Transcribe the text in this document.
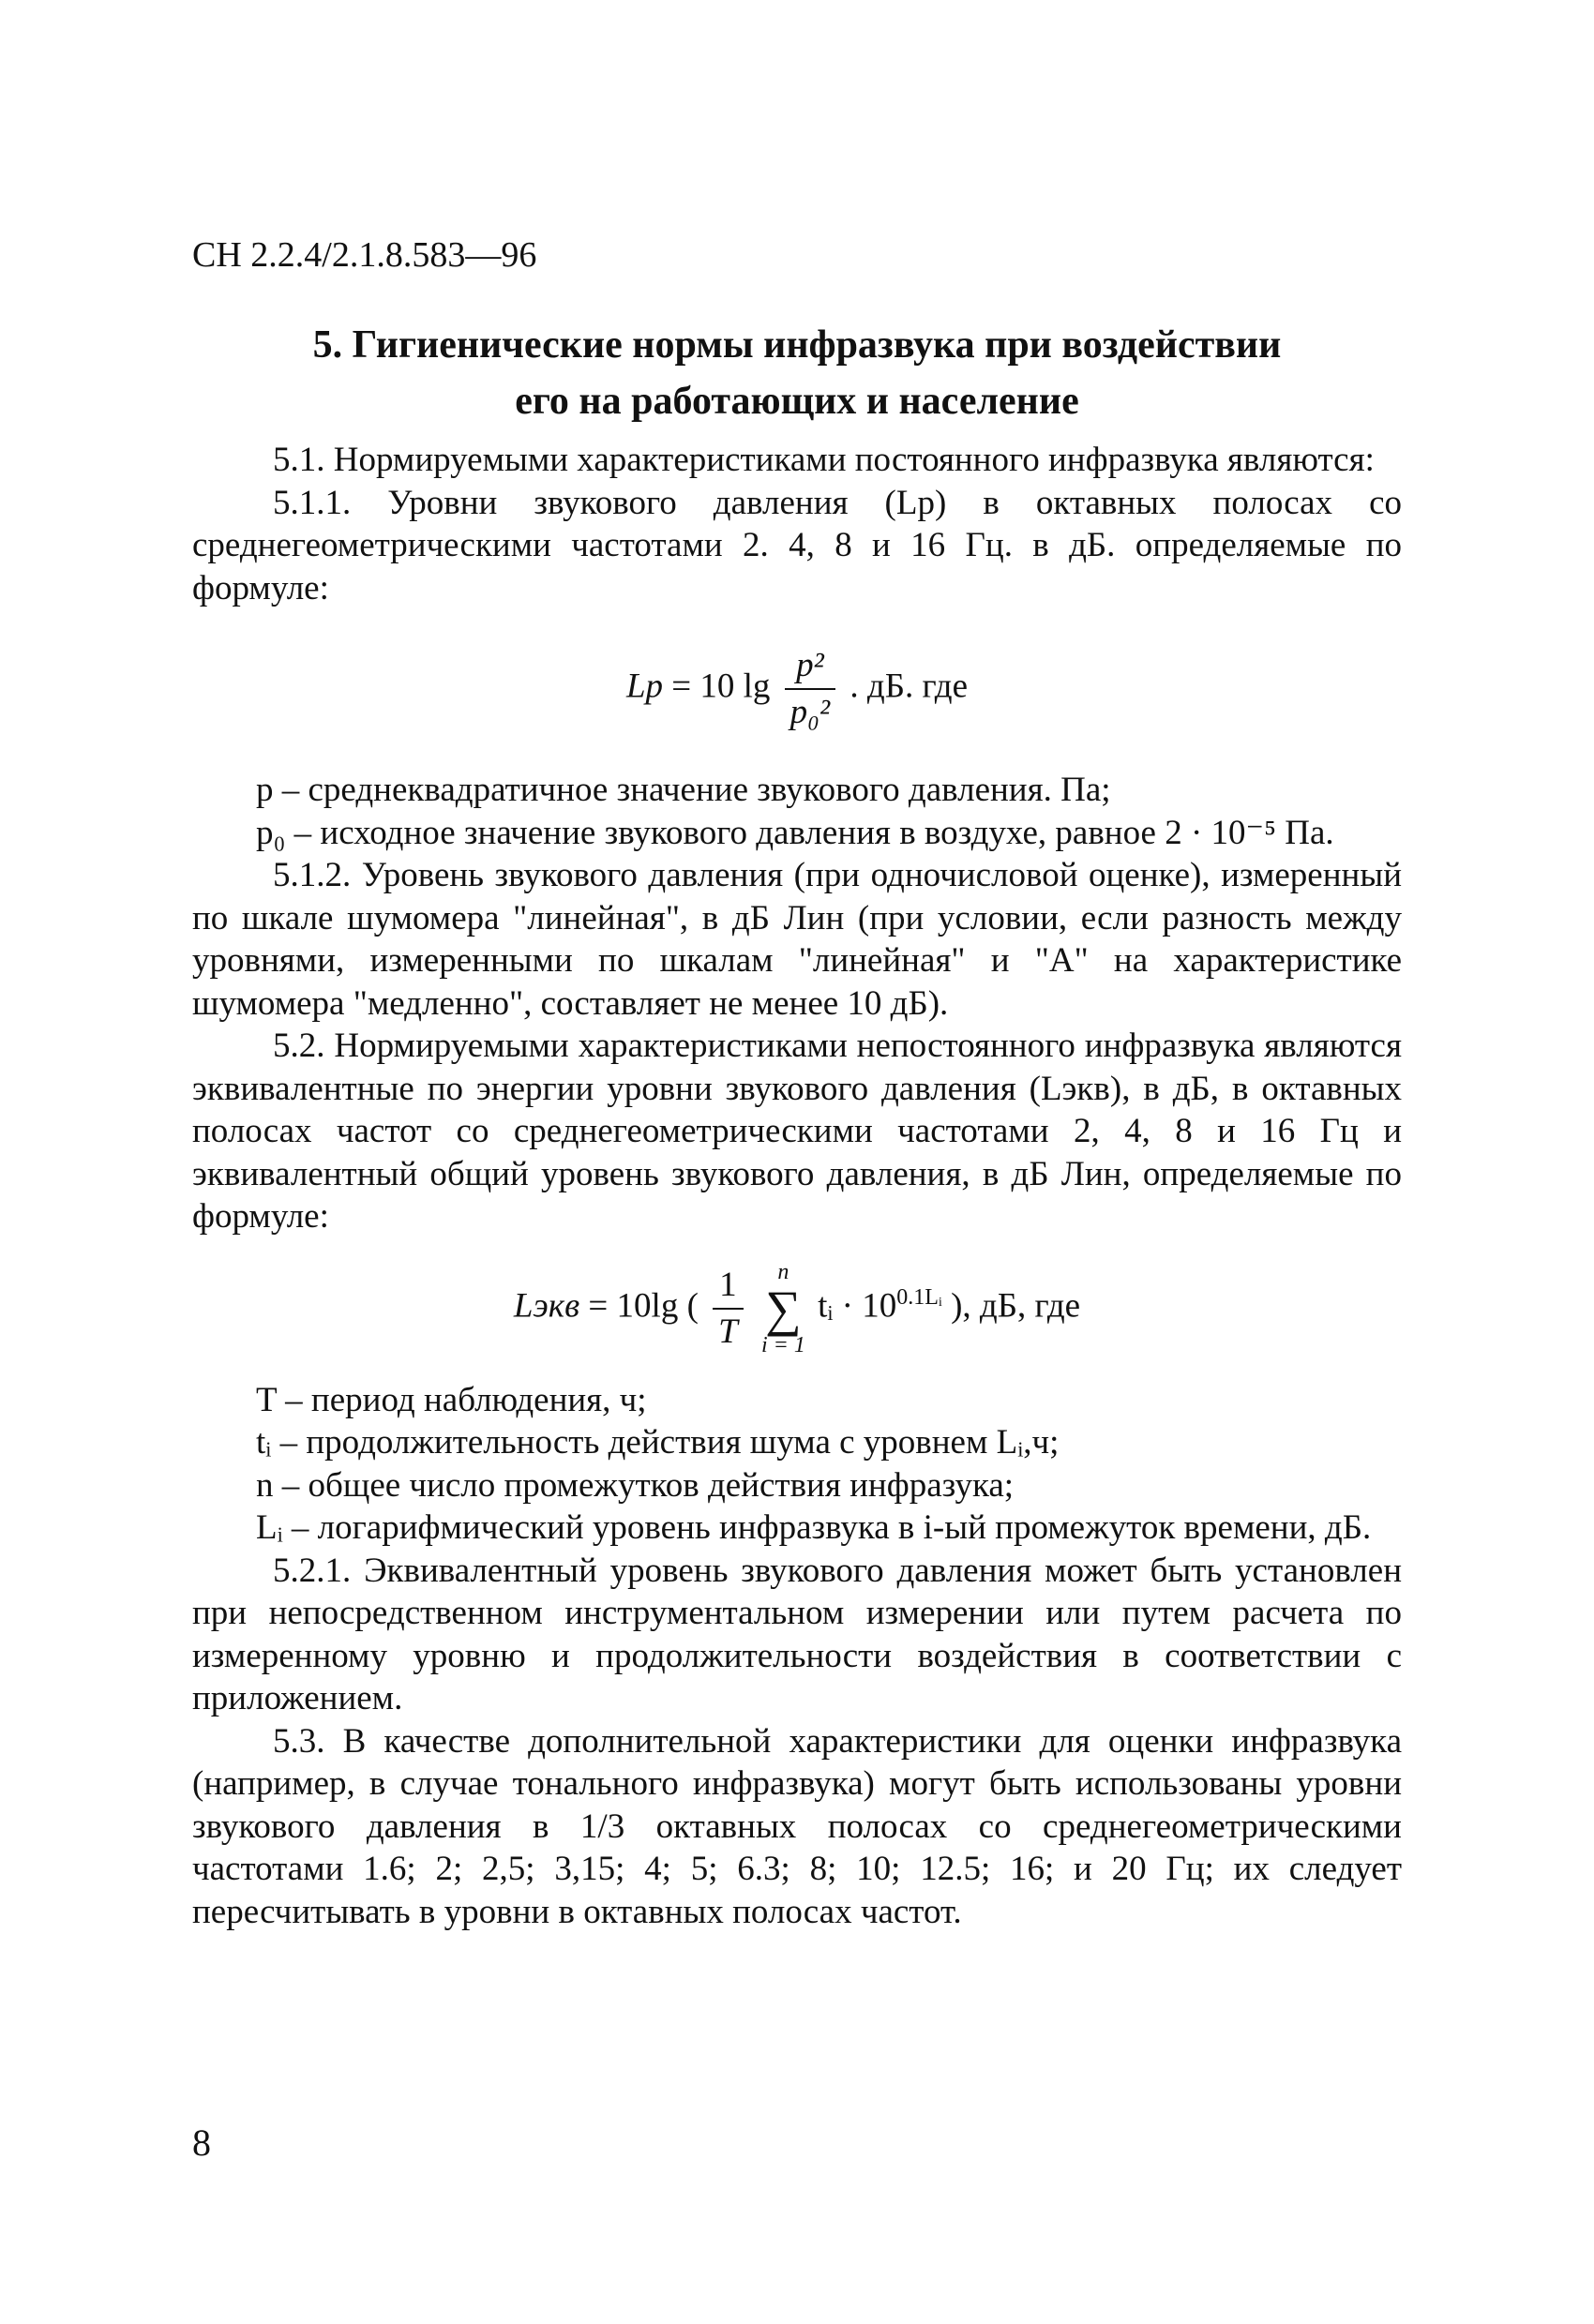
СН 2.2.4/2.1.8.583—96
5. Гигиенические нормы инфразвука при воздействии
его на работающих и население

5.1. Нормируемыми характеристиками постоянного инфразвука являются:

5.1.1. Уровни звукового давления (Lp) в октавных полосах со среднегеометрическими частотами 2. 4, 8 и 16 Гц. в дБ. определяемые по формуле:

Lp = 10 $\lg \frac{\text{p²}}{\text{p₀²}}$ . дБ. где

p – среднеквадратичное значение звукового давления. Па;

p₀ – исходное значение звукового давления в воздухе, равное 2 · 10⁻⁵ Па.

5.1.2. Уровень звукового давления (при одночисловой оценке), измеренный по шкале шумомера "линейная", в дБ Лин (при условии, если разность между уровнями, измеренными по шкалам "линейная" и "А" на характеристике шумомера "медленно", составляет не менее 10 дБ).

5.2. Нормируемыми характеристиками непостоянного инфразвука являются эквивалентные по энергии уровни звукового давления (Lэкв), в дБ, в октавных полосах частот со среднегеометрическими частотами 2, 4, 8 и 16 Гц и эквивалентный общий уровень звукового давления, в дБ Лин, определяемые по формуле:

Lэкв = 10lg ( $\frac{1}{T}$
	n
∑
i = 1
tᵢ · $10^{0.1Lᵢ}$ ), дБ, где

T – период наблюдения, ч;

tᵢ – продолжительность действия шума с уровнем Lᵢ,ч;

n – общее число промежутков действия инфразука;

Lᵢ – логарифмический уровень инфразвука в i-ый промежуток времени, дБ.

5.2.1. Эквивалентный уровень звукового давления может быть установлен при непосредственном инструментальном измерении или путем расчета по измеренному уровню и продолжительности воздействия в соответствии с приложением.

5.3. В качестве дополнительной характеристики для оценки инфразвука (например, в случае тонального инфразвука) могут быть использованы уровни звукового давления в 1/3 октавных полосах со среднегеометрическими частотами 1.6; 2; 2,5; 3,15; 4; 5; 6.3; 8; 10; 12.5; 16; и 20 Гц; их следует пересчитывать в уровни в октавных полосах частот.

8
